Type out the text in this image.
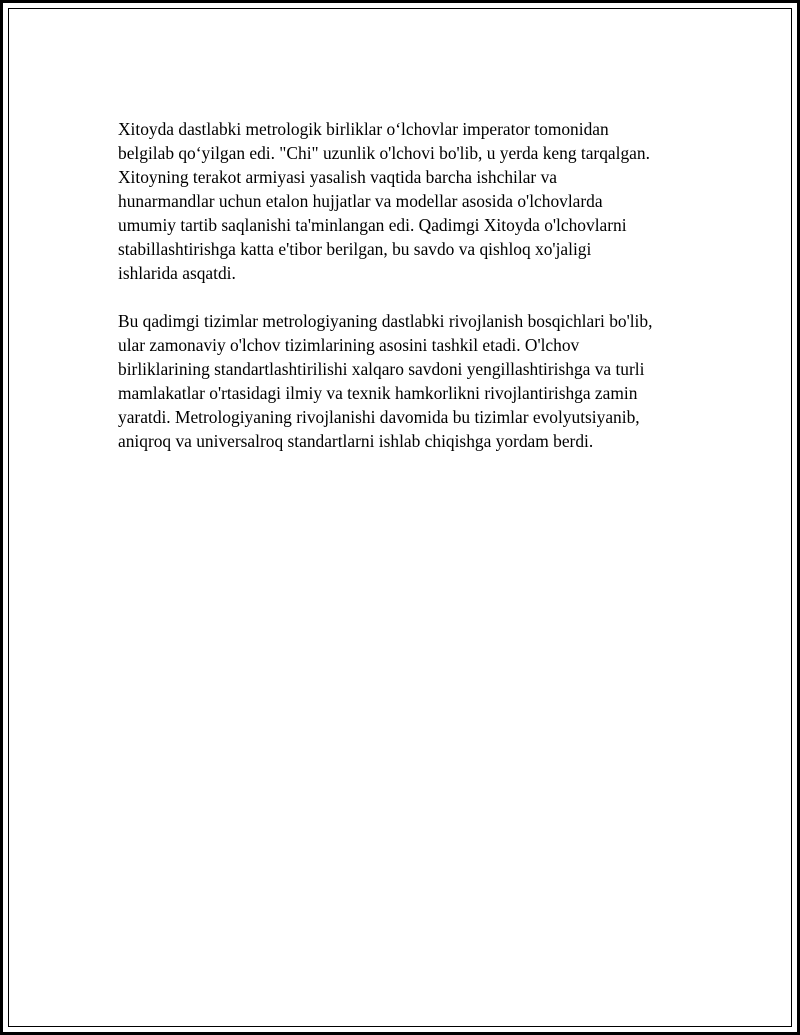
Xitoyda dastlabki metrologik birliklar o‘lchovlar imperator tomonidan
belgilab qo‘yilgan edi. "Chi" uzunlik o'lchovi bo'lib, u yerda keng tarqalgan.
Xitoyning terakot armiyasi yasalish vaqtida barcha ishchilar va
hunarmandlar uchun etalon hujjatlar va modellar asosida o'lchovlarda
umumiy tartib saqlanishi ta'minlangan edi. Qadimgi Xitoyda o'lchovlarni
stabillashtirishga katta e'tibor berilgan, bu savdo va qishloq xo'jaligi
ishlarida asqatdi.

Bu qadimgi tizimlar metrologiyaning dastlabki rivojlanish bosqichlari bo'lib,
ular zamonaviy o'lchov tizimlarining asosini tashkil etadi. O'lchov
birliklarining standartlashtirilishi xalqaro savdoni yengillashtirishga va turli
mamlakatlar o'rtasidagi ilmiy va texnik hamkorlikni rivojlantirishga zamin
yaratdi. Metrologiyaning rivojlanishi davomida bu tizimlar evolyutsiyanib,
aniqroq va universalroq standartlarni ishlab chiqishga yordam berdi.
